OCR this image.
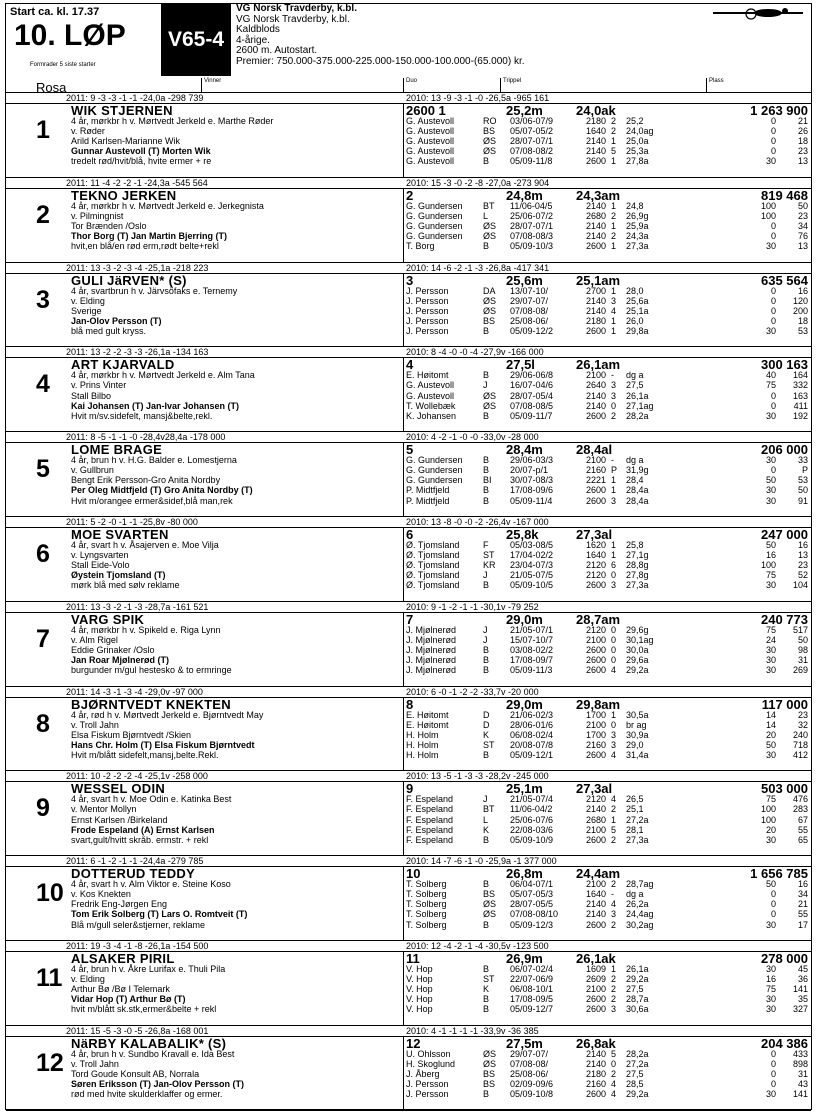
Start ca. kl. 17.37
10. LØP
Formrader 5 siste starter
V65-4
VG Norsk Travderby, k.bl.
VG Norsk Travderby, k.bl.
Kaldblods
4-årige.
2600 m. Autostart.
Premier: 750.000-375.000-225.000-150.000-100.000-(65.000) kr.
Rosa	Vinner	Duo	Trippel	Plass
2011: 9 -3 -3 -1 -1 -24,0a -298 739	2010: 13 -9 -3 -1 -0 -26,5a -965 161
1
WIK STJERNEN
4 år, mørkbr h v. Mørtvedt Jerkeld e. Marthe Røder
v. Røder
Arild Karlsen-Marianne Wik
Gunnar Austevoll (T) Morten Wik
tredelt rød/hvit/blå, hvite ermer + re
2600 1	25,2m	24,0ak	1 263 900
G. Austevoll	RO 03/06-07/9	2180 2 25,2	0	21
G. Austevoll	BS 05/07-05/2	1640 2 24,0ag	0	26
G. Austevoll	ØS 28/07-07/1	2140 1 25,0a	0	18
G. Austevoll	ØS 07/08-08/2	2140 5 25,3a	0	23
G. Austevoll	B 05/09-11/8	2600 1 27,8a	30	13
2011: 11 -4 -2 -2 -1 -24,3a -545 564	2010: 15 -3 -0 -2 -8 -27,0a -273 904
2
TEKNO JERKEN
4 år, mørkbr h v. Mørtvedt Jerkeld e. Jerkegnista
v. Pilmingnist
Tor Brænden /Oslo
Thor Borg (T) Jan Martin Bjerring (T)
hvit,en blå/en rød erm,rødt belte+rekl
2	24,8m	24,3am	819 468
G. Gundersen BT 11/06-04/5	2140 1 24,8	100	50
G. Gundersen L 25/06-07/2	2680 2 26,9g	100	23
G. Gundersen ØS 28/07-07/1	2140 1 25,9a	0	34
G. Gundersen ØS 07/08-08/3	2140 2 24,3a	0	76
T. Borg	B 05/09-10/3	2600 1 27,3a	30	13
2011: 13 -3 -2 -3 -4 -25,1a -218 223	2010: 14 -6 -2 -1 -3 -26,8a -417 341
3
GULI JäRVEN* (S)
4 år, svartbrun h v. Järvsöfaks e. Ternemy
v. Elding
Sverige
Jan-Olov Persson (T)
blå med gult kryss.
3	25,6m	25,1am	635 564
J. Persson	DA 13/07-10/	2700 1 28,0	0	16
J. Persson	ØS 29/07-07/	2140 3 25,6a	0	120
J. Persson	ØS 07/08-08/	2140 4 25,1a	0	200
J. Persson	BS 25/08-06/	2180 1 26,0	0	18
J. Persson	B 05/09-12/2	2600 1 29,8a	30	53
2011: 13 -2 -2 -3 -3 -26,1a -134 163	2010: 8 -4 -0 -0 -4 -27,9v -166 000
4
ART KJARVALD
4 år, mørkbr h v. Mørtvedt Jerkeld e. Alm Tana
v. Prins Vinter
Stall Bilbo
Kai Johansen (T) Jan-Ivar Johansen (T)
Hvit m/sv.sidefelt, mansj&belte,rekl.
4	27,5l	26,1am	300 163
E. Høitomt	B 29/06-06/8	2100 - dg a	40	164
G. Austevoll	J	16/07-04/6	2640 3 27,5	75	332
G. Austevoll	ØS 28/07-05/4	2140 3 26,1a	0	163
T. Wollebæk	ØS 07/08-08/5	2140 0 27,1ag	0	411
K. Johansen	B 05/09-11/7	2600 2 28,2a	30	192
2011: 8 -5 -1 -1 -0 -28,4v28,4a -178 000	2010: 4 -2 -1 -0 -0 -33,0v -28 000
5
LOME BRAGE
4 år, brun h v. H.G. Balder e. Lomestjerna
v. Gullbrun
Bengt Erik Persson-Gro Anita Nordby
Per Oleg Midtfjeld (T) Gro Anita Nordby (T)
Hvit m/orangee ermer&sidef,blå man,rek
5	28,4m	28,4al	206 000
G. Gundersen B 29/06-03/3	2100 - dg a	30	33
G. Gundersen B 20/07-p/1	2160 P 31,9g	0	P
G. Gundersen BI 30/07-08/3	2221 1 28,4	50	53
P. Midtfjeld	B 17/08-09/6	2600 1 28,4a	30	50
P. Midtfjeld	B 05/09-11/4	2600 3 28,4a	30	91
2011: 5 -2 -0 -1 -1 -25,8v -80 000	2010: 13 -8 -0 -0 -2 -26,4v -167 000
6
MOE SVARTEN
4 år, svart h v. Åsajerven e. Moe Vilja
v. Lyngsvarten
Stall Eide-Volo
Øystein Tjomsland (T)
mørk blå med sølv reklame
6	25,8k	27,3al	247 000
Ø. Tjomsland	F 05/03-08/5	1620 1 25,8	50	16
Ø. Tjomsland	ST 17/04-02/2	1640 1 27,1g	16	13
Ø. Tjomsland	KR 23/04-07/3	2120 6 28,8g	100	23
Ø. Tjomsland	J	21/05-07/5	2120 0 27,8g	75	52
Ø. Tjomsland	B 05/09-10/5	2600 3 27,3a	30	104
2011: 13 -3 -2 -1 -3 -28,7a -161 521	2010: 9 -1 -2 -1 -1 -30,1v -79 252
7
VARG SPIK
4 år, mørkbr h v. Spikeld e. Riga Lynn
v. Alm Rigel
Eddie Grinaker /Oslo
Jan Roar Mjølnerød (T)
burgunder m/gul hestesko & to ermringe
7	29,0m	28,7am	240 773
J. Mjølnerød	J	21/05-07/1	2120 0 29,6g	75	517
J. Mjølnerød	J	15/07-10/7	2100 0 30,1ag	24	50
J. Mjølnerød	B 03/08-02/2	2600 0 30,0a	30	98
J. Mjølnerød	B 17/08-09/7	2600 0 29,6a	30	31
J. Mjølnerød	B 05/09-11/3	2600 4 29,2a	30	269
2011: 14 -3 -1 -3 -4 -29,0v -97 000	2010: 6 -0 -1 -2 -2 -33,7v -20 000
8
BJØRNTVEDT KNEKTEN
4 år, rød h v. Mørtvedt Jerkeld e. Bjørntvedt May
v. Troll Jahn
Elsa Fiskum Bjørntvedt /Skien
Hans Chr. Holm (T) Elsa Fiskum Bjørntvedt
Hvit m/blått sidefelt,mansj,belte.Rekl.
8	29,0m	29,8am	117 000
E. Høitomt	D 21/06-02/3	1700 1 30,5a	14	23
E. Høitomt	D 28/06-01/6	2100 0 br ag	14	32
H. Holm	K 06/08-02/4	1700 3 30,9a	20	240
H. Holm	ST 20/08-07/8	2160 3 29,0	50	718
H. Holm	B 05/09-12/1	2600 4 31,4a	30	412
2011: 10 -2 -2 -2 -4 -25,1v -258 000	2010: 13 -5 -1 -3 -3 -28,2v -245 000
9
WESSEL ODIN
4 år, svart h v. Moe Odin e. Katinka Best
v. Mentor Mollyn
Ernst Karlsen /Birkeland
Frode Espeland (A) Ernst Karlsen
svart,gult/hvitt skråb. ermstr. + rekl
9	25,1m	27,3al	503 000
F. Espeland	J	21/05-07/4	2120 4 26,5	75	476
F. Espeland	BT 11/06-04/2	2140 2 25,1	100	283
F. Espeland	L 25/06-07/6	2680 1 27,2a	100	67
F. Espeland	K 22/08-03/6	2100 5 28,1	20	55
F. Espeland	B 05/09-10/9	2600 2 27,3a	30	65
2011: 6 -1 -2 -1 -1 -24,4a -279 785	2010: 14 -7 -6 -1 -0 -25,9a -1 377 000
10
DOTTERUD TEDDY
4 år, svart h v. Alm Viktor e. Steine Koso
v. Kos Knekten
Fredrik Eng-Jørgen Eng
Tom Erik Solberg (T) Lars O. Romtveit (T)
Blå m/gull seler&stjerner, reklame
10	26,8m	24,4am	1 656 785
T. Solberg	B 06/04-07/1	2100 2 28,7ag	50	16
T. Solberg	BS 05/07-05/3	1640 - dg a	0	34
T. Solberg	ØS 28/07-05/5	2140 4 26,2a	0	21
T. Solberg	ØS 07/08-08/10	2140 3 24,4ag	0	55
T. Solberg	B 05/09-12/3	2600 2 30,2ag	30	17
2011: 19 -3 -4 -1 -8 -26,1a -154 500	2010: 12 -4 -2 -1 -4 -30,5v -123 500
11
ALSAKER PIRIL
4 år, brun h v. Åkre Lurifax e. Thuli Pila
v. Elding
Arthur Bø /Bø I Telemark
Vidar Hop (T) Arthur Bø (T)
hvit m/blått sk.stk,ermer&belte + rekl
11	26,9m	26,1ak	278 000
V. Hop	B 06/07-02/4	1609 1 26,1a	30	45
V. Hop	ST 22/07-06/9	2609 2 29,2a	16	36
V. Hop	K 06/08-10/1	2100 2 27,5	75	141
V. Hop	B 17/08-09/5	2600 2 28,7a	30	35
V. Hop	B 05/09-12/7	2600 3 30,6a	30	327
2011: 15 -5 -3 -0 -5 -26,8a -168 001	2010: 4 -1 -1 -1 -1 -33,9v -36 385
12
NäRBY KALABALIK* (S)
4 år, brun h v. Sundbo Kravall e. Ida Best
v. Troll Jahn
Tord Goude Konsult AB, Norrala
Søren Eriksson (T) Jan-Olov Persson (T)
rød med hvite skulderklaffer og ermer.
12	27,5m	26,8ak	204 386
U. Ohlsson	ØS 29/07-07/	2140 5 28,2a	0	433
H. Skoglund	ØS 07/08-08/	2140 0 27,2a	0	898
J. Åberg	BS 25/08-06/	2180 2 27,5	0	31
J. Persson	BS 02/09-09/6	2160 4 28,5	0	43
J. Persson	B 05/09-10/8	2600 4 29,2a	30	141
